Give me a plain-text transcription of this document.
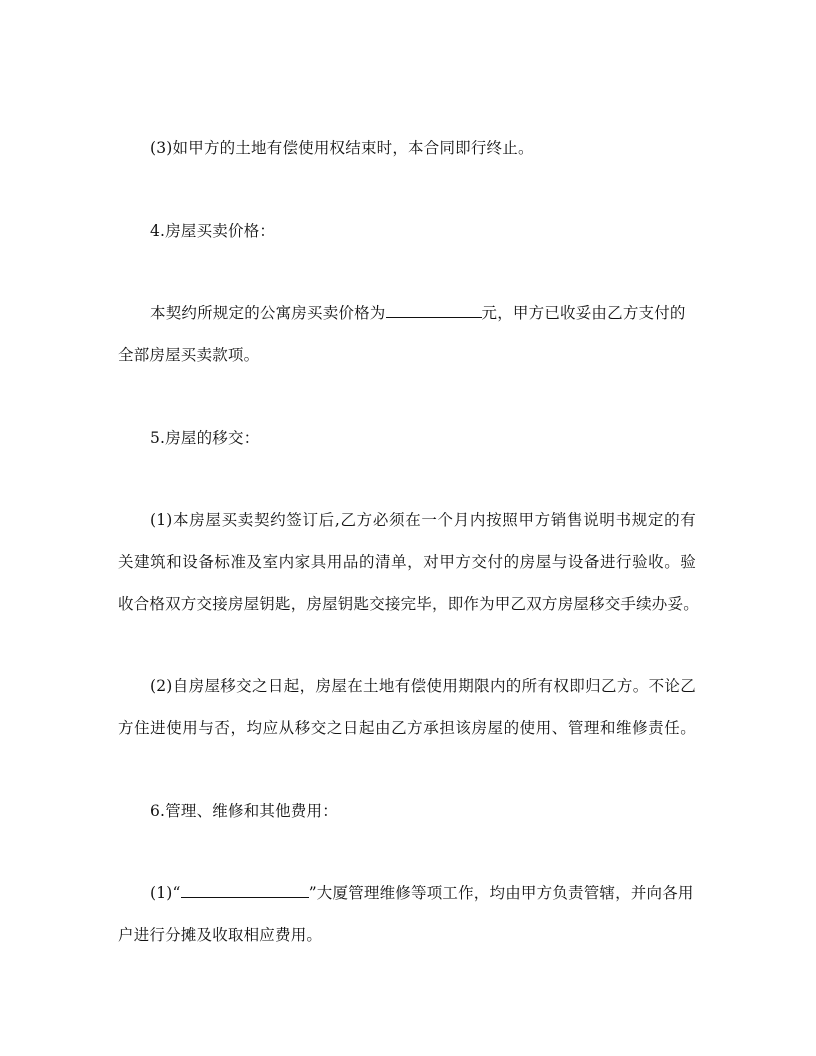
(3)如甲方的土地有偿使用权结束时，本合同即行终止。
4.房屋买卖价格：
本契约所规定的公寓房买卖价格为	元，甲方已收妥由乙方支付的
全部房屋买卖款项。
5.房屋的移交：
(1)本房屋买卖契约签订后,乙方必须在一个月内按照甲方销售说明书规定的有
关建筑和设备标准及室内家具用品的清单，对甲方交付的房屋与设备进行验收。验
收合格双方交接房屋钥匙，房屋钥匙交接完毕，即作为甲乙双方房屋移交手续办妥。
(2)自房屋移交之日起，房屋在土地有偿使用期限内的所有权即归乙方。不论乙
方住进使用与否，均应从移交之日起由乙方承担该房屋的使用、管理和维修责任。
6.管理、维修和其他费用：
(1)“	”大厦管理维修等项工作，均由甲方负责管辖，并向各用
户进行分摊及收取相应费用。
